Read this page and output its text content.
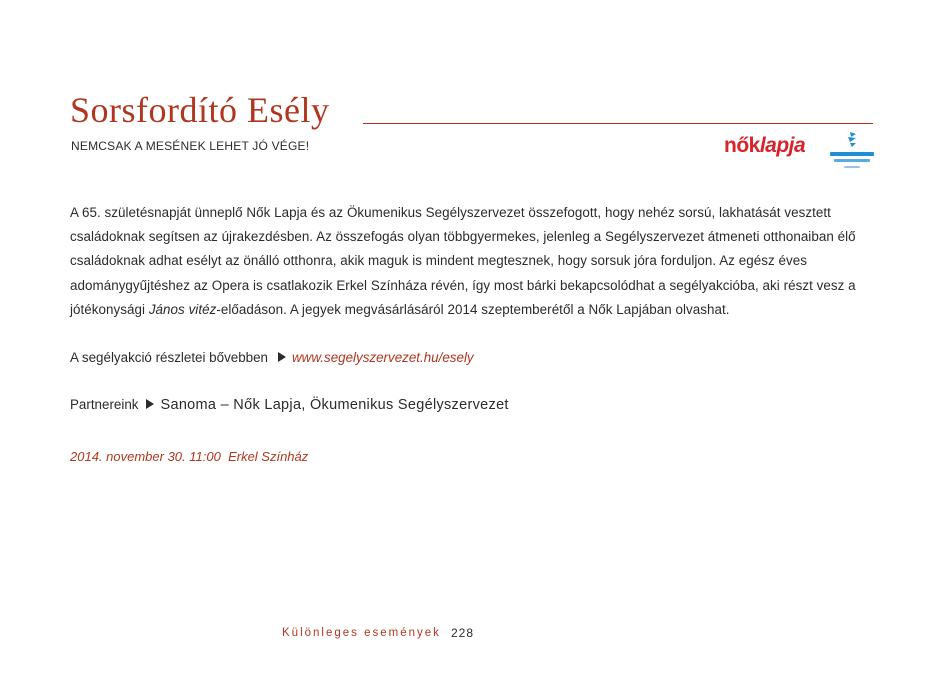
Sorsfordító Esély
NEMCSAK A MESÉNEK LEHET JÓ VÉGE!	nőklapja
A 65. születésnapját ünneplő Nők Lapja és az Ökumenikus Segélyszervezet összefogott, hogy nehéz sorsú, lakhatását vesztett családoknak segítsen az újrakezdésben. Az összefogás olyan többgyermekes, jelenleg a Segélyszervezet átmeneti otthonaiban élő családoknak adhat esélyt az önálló otthonra, akik maguk is mindent megtesznek, hogy sorsuk jóra forduljon. Az egész éves adománygyűjtéshez az Opera is csatlakozik Erkel Színháza révén, így most bárki bekapcsolódhat a segélyakcióba, aki részt vesz a jótékonysági János vitéz-előadáson. A jegyek megvásárlásáról 2014 szeptemberétől a Nők Lapjában olvashat.
A segélyakció részletei bővebben www.segelyszervezet.hu/esely
Partnereink Sanoma – Nők Lapja, Ökumenikus Segélyszervezet
2014. november 30. 11:00 Erkel Színház
Különleges események 228
